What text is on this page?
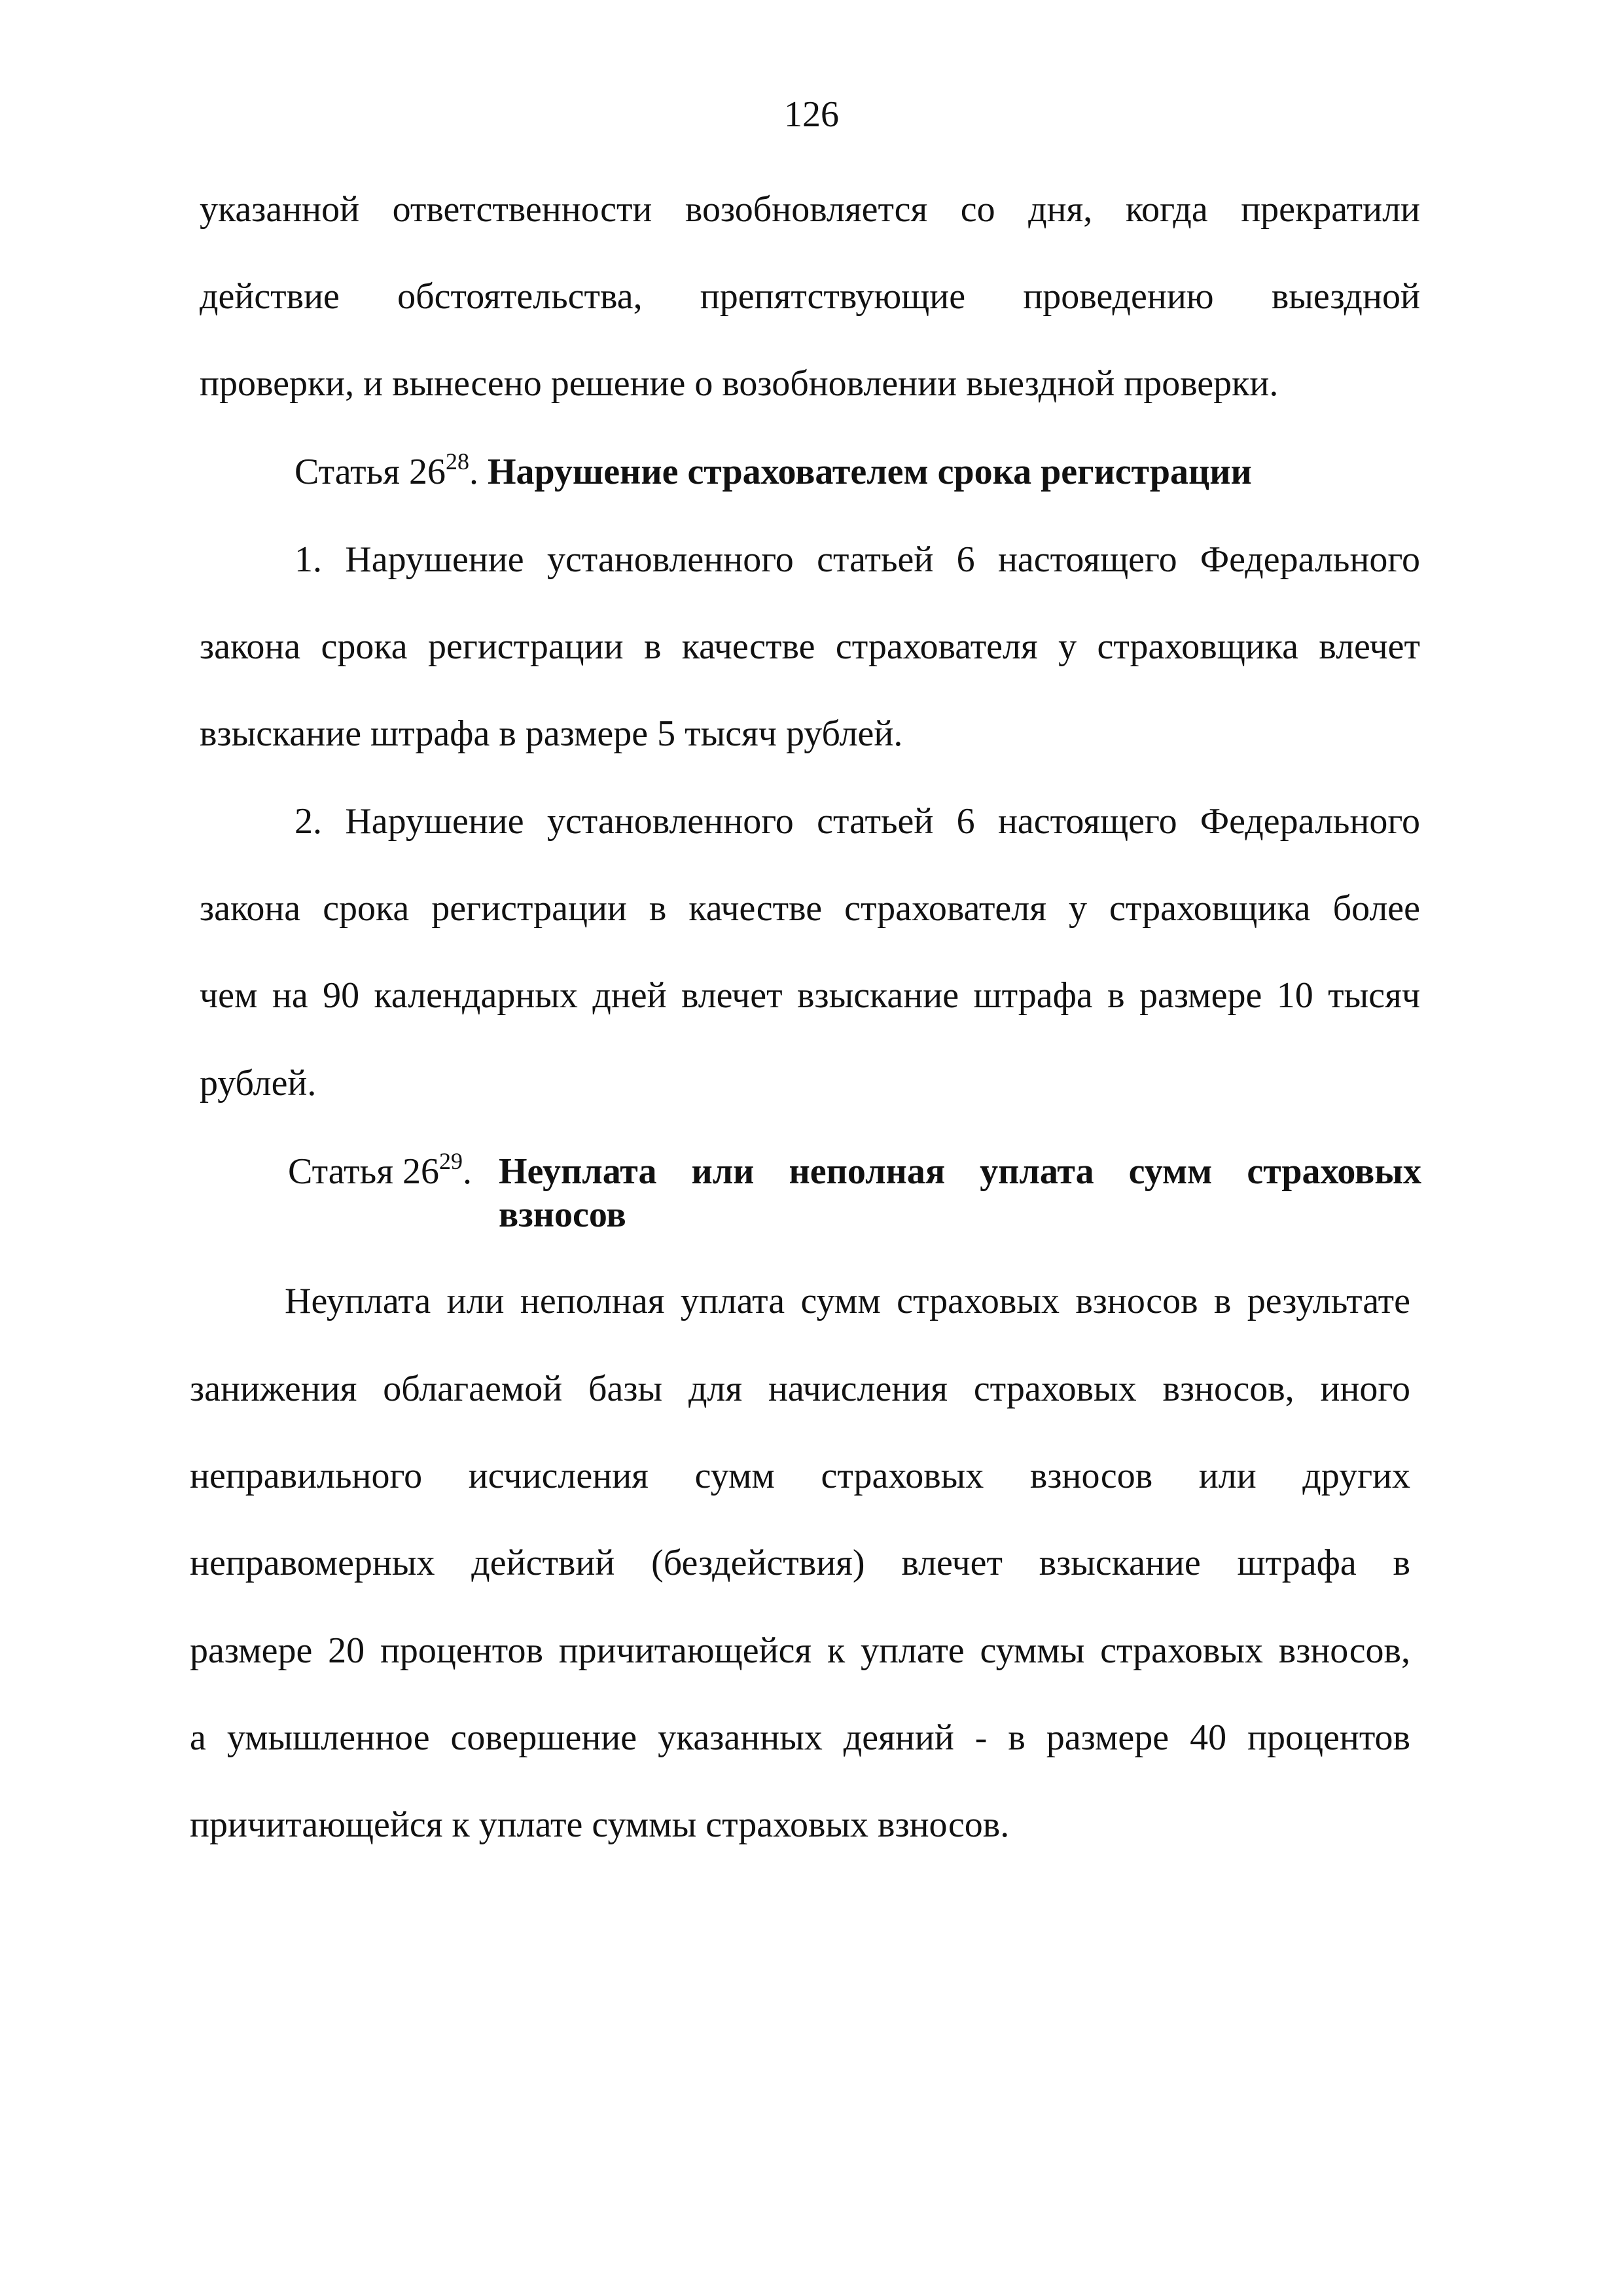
126
указанной ответственности возобновляется со дня, когда прекратили
действие обстоятельства, препятствующие проведению выездной
проверки, и вынесено решение о возобновлении выездной проверки.
Статья $26^{28}$. Нарушение страхователем срока регистрации
1. Нарушение установленного статьей 6 настоящего Федерального
закона срока регистрации в качестве страхователя у страховщика влечет
взыскание штрафа в размере 5 тысяч рублей.
2. Нарушение установленного статьей 6 настоящего Федерального
закона срока регистрации в качестве страхователя у страховщика более
чем на 90 календарных дней влечет взыскание штрафа в размере 10 тысяч
рублей.
Статья $26^{29}$. Неуплата или неполная уплата сумм страховых взносов
Неуплата или неполная уплата сумм страховых взносов в результате
занижения облагаемой базы для начисления страховых взносов, иного
неправильного исчисления сумм страховых взносов или других
неправомерных действий (бездействия) влечет взыскание штрафа в
размере 20 процентов причитающейся к уплате суммы страховых взносов,
а умышленное совершение указанных деяний - в размере 40 процентов
причитающейся к уплате суммы страховых взносов.
